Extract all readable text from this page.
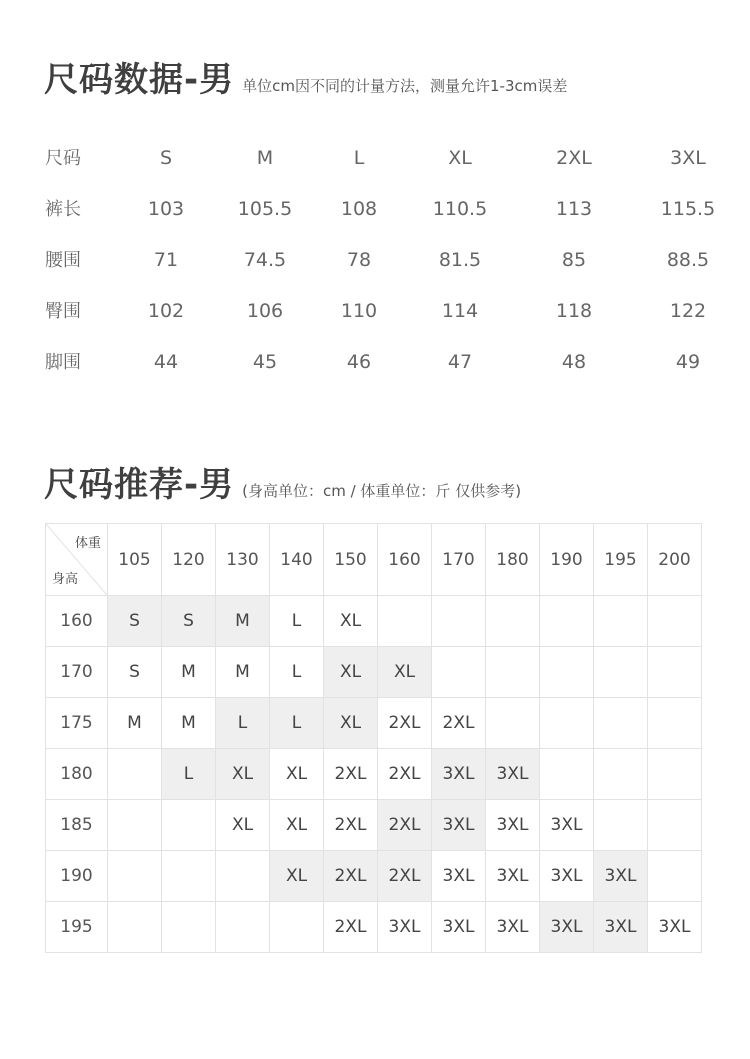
尺码数据-男 单位cm因不同的计量方法，测量允许1-3cm误差
尺码	S	M	L	XL	2XL	3XL
裤长	103	105.5	108	110.5	113	115.5
腰围	71	74.5	78	81.5	85	88.5
臀围	102	106	110	114	118	122
脚围	44	45	46	47	48	49
尺码推荐-男 (身高单位：cm / 体重单位：斤 仅供参考)
体重
身高	105	120	130	140	150	160	170	180	190	195	200
160	S	S	M	L	XL						
170	S	M	M	L	XL	XL					
175	M	M	L	L	XL	2XL	2XL				
180		L	XL	XL	2XL	2XL	3XL	3XL			
185			XL	XL	2XL	2XL	3XL	3XL	3XL		
190				XL	2XL	2XL	3XL	3XL	3XL	3XL	
195					2XL	3XL	3XL	3XL	3XL	3XL	3XL
